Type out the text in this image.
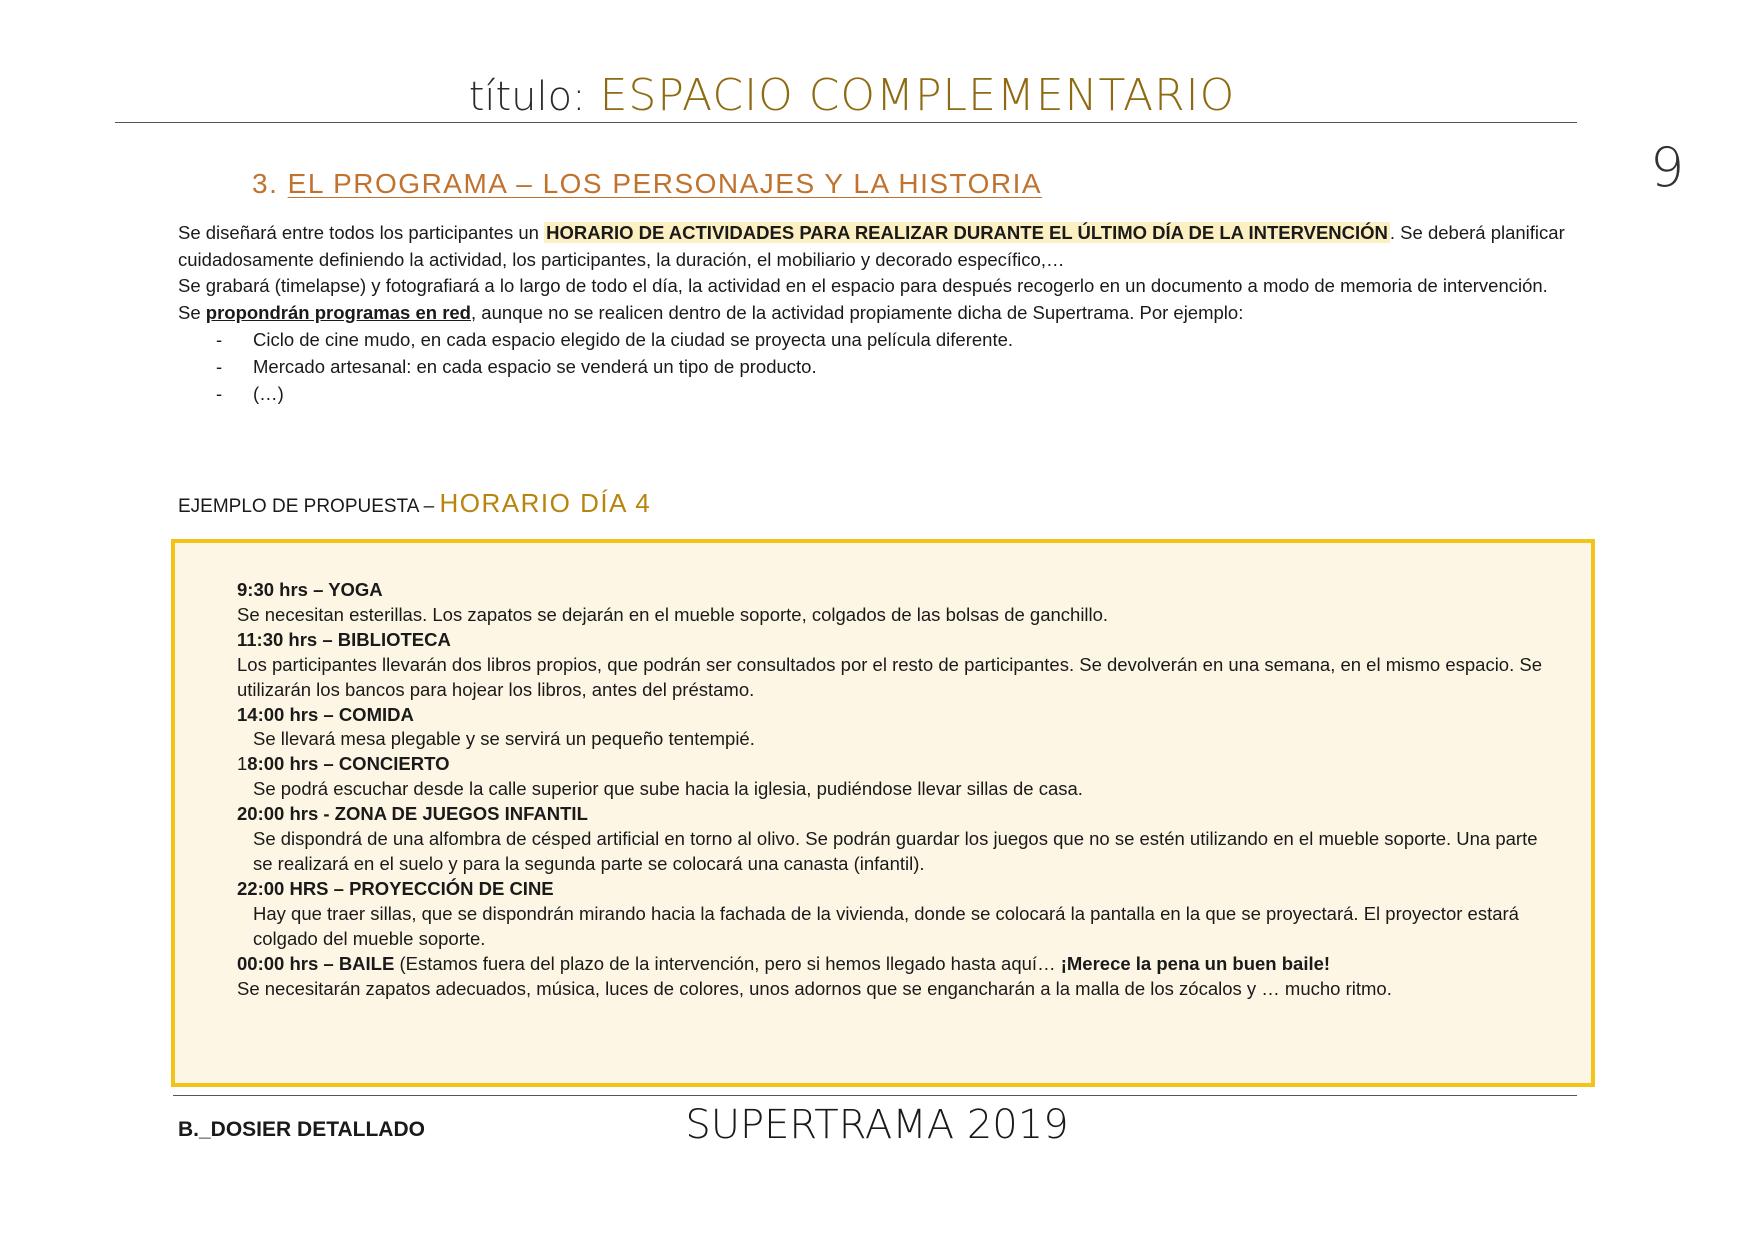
título: ESPACIO COMPLEMENTARIO
9
3. EL PROGRAMA – LOS PERSONAJES Y LA HISTORIA

Se diseñará entre todos los participantes un HORARIO DE ACTIVIDADES PARA REALIZAR DURANTE EL ÚLTIMO DÍA DE LA INTERVENCIÓN . Se deberá planificar cuidadosamente definiendo la actividad, los participantes, la duración, el mobiliario y decorado específico,…

Se grabará (timelapse) y fotografiará a lo largo de todo el día, la actividad en el espacio para después recogerlo en un documento a modo de memoria de intervención.

Se propondrán programas en red, aunque no se realicen dentro de la actividad propiamente dicha de Supertrama. Por ejemplo:

- Ciclo de cine mudo, en cada espacio elegido de la ciudad se proyecta una película diferente.
- Mercado artesanal: en cada espacio se venderá un tipo de producto.
- (…)
EJEMPLO DE PROPUESTA – HORARIO DÍA 4
9:30 hrs – YOGA
Se necesitan esterillas. Los zapatos se dejarán en el mueble soporte, colgados de las bolsas de ganchillo.
11:30 hrs – BIBLIOTECA
Los participantes llevarán dos libros propios, que podrán ser consultados por el resto de participantes. Se devolverán en una semana, en el mismo espacio. Se utilizarán los bancos para hojear los libros, antes del préstamo.
14:00 hrs – COMIDA
Se llevará mesa plegable y se servirá un pequeño tentempié.
18:00 hrs – CONCIERTO
Se podrá escuchar desde la calle superior que sube hacia la iglesia, pudiéndose llevar sillas de casa.
20:00 hrs - ZONA DE JUEGOS INFANTIL
Se dispondrá de una alfombra de césped artificial en torno al olivo. Se podrán guardar los juegos que no se estén utilizando en el mueble soporte. Una parte se realizará en el suelo y para la segunda parte se colocará una canasta (infantil).
22:00 HRS – PROYECCIÓN DE CINE
Hay que traer sillas, que se dispondrán mirando hacia la fachada de la vivienda, donde se colocará la pantalla en la que se proyectará. El proyector estará colgado del mueble soporte.
00:00 hrs – BAILE (Estamos fuera del plazo de la intervención, pero si hemos llegado hasta aquí… ¡Merece la pena un buen baile!
Se necesitarán zapatos adecuados, música, luces de colores, unos adornos que se engancharán a la malla de los zócalos y … mucho ritmo.
B._DOSIER DETALLADO	SUPERTRAMA 2019
